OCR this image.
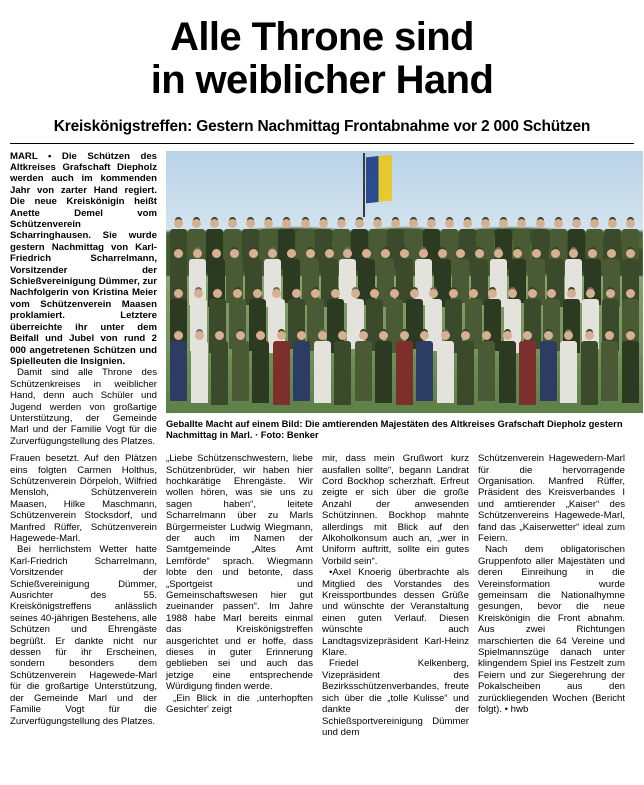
Alle Throne sind
in weiblicher Hand
Kreiskönigstreffen: Gestern Nachmittag Frontabnahme vor 2 000 Schützen

MARL • Die Schützen des Altkreises Grafschaft Diepholz werden auch im kommenden Jahr von zarter Hand regiert. Die neue Kreiskönigin heißt Anette Demel vom Schützenverein Scharringhausen. Sie wurde gestern Nachmittag von Karl-Friedrich Scharrelmann, Vorsitzender der Schießvereinigung Dümmer, zur Nachfolgerin von Kristina Meier vom Schützenverein Maasen proklamiert. Letztere überreichte ihr unter dem Beifall und Jubel von rund 2 000 angetretenen Schützen und Spielleuten die Insignien.

Damit sind alle Throne des Schützenkreises in weiblicher Hand, denn auch Schüler und Jugend werden von großartige Unterstützung, der Gemeinde Marl und der Familie Vogt für die Zurverfügungstellung des Platzes.

Geballte Macht auf einem Bild: Die amtierenden Majestäten des Altkreises Grafschaft Diepholz gestern Nachmittag in Marl. · Foto: Benker

Frauen besetzt. Auf den Plätzen eins folgten Carmen Holthus, Schützenverein Dörpeloh, Wilfried Mensloh, Schützenverein Maasen, Hilke Maschmann, Schützenverein Stocksdorf, und Manfred Rüffer, Schützenverein Hagewede-Marl.

Bei herrlichstem Wetter hatte Karl-Friedrich Scharrelmann, Vorsitzender der Schießvereinigung Dümmer, Ausrichter des 55. Kreiskönigstreffens anlässlich seines 40-jährigen Bestehens, alle Schützen und Ehrengäste begrüßt. Er dankte nicht nur dessen für ihr Erscheinen, sondern besonders dem Schützenverein Hagewede-Marl für die großartige Unterstützung, der Gemeinde Marl und der Familie Vogt für die Zurverfügungstellung des Platzes.

„Liebe Schützenschwestern, liebe Schützenbrüder, wir haben hier hochkarätige Ehrengäste. Wir wollen hören, was sie uns zu sagen haben“, leitete Scharrelmann über zu Marls Bürgermeister Ludwig Wiegmann, der auch im Namen der Samtgemeinde „Altes Amt Lemförde“ sprach. Wiegmann lobte den und betonte, dass „Sportgeist und Gemeinschaftswesen hier gut zueinander passen“. Im Jahre 1988 habe Marl bereits einmal das Kreiskönigstreffen ausgerichtet und er hoffe, dass dieses in guter Erinnerung geblieben sei und auch das jetzige eine entsprechende Würdigung finden werde.

„Ein Blick in die ,unterhopften Gesichter' zeigt

mir, dass mein Grußwort kurz ausfallen sollte“, begann Landrat Cord Bockhop scherzhaft. Erfreut zeigte er sich über die große Anzahl der anwesenden Schützinnen. Bockhop mahnte allerdings mit Blick auf den Alkoholkonsum auch an, „wer in Uniform auftritt, sollte ein gutes Vorbild sein“.

•Axel Knoerig überbrachte als Mitglied des Vorstandes des Kreissportbundes dessen Grüße und wünschte der Veranstaltung einen guten Verlauf. Diesen wünschte auch Landtagsvizepräsident Karl-Heinz Klare.

Friedel Kelkenberg, Vizepräsident des Bezirksschützenverbandes, freute sich über die „tolle Kulisse“ und dankte der Schießsportvereinigung Dümmer und dem

Schützenverein Hagewedern-Marl für die hervorragende Organisation. Manfred Rüffer, Präsident des Kreisverbandes I und amtierender „Kaiser“ des Schützenvereins Hagewede-Marl, fand das „Kaiserwetter“ ideal zum Feiern.

Nach dem obligatorischen Gruppenfoto aller Majestäten und deren Einreihung in die Vereinsformation wurde gemeinsam die Nationalhymne gesungen, bevor die neue Kreiskönigin die Front abnahm. Aus zwei Richtungen marschierten die 64 Vereine und Spielmannszüge danach unter klingendem Spiel ins Festzelt zum Feiern und zur Siegerehrung der Pokalscheiben aus den zurückliegenden Wochen (Bericht folgt). • hwb
